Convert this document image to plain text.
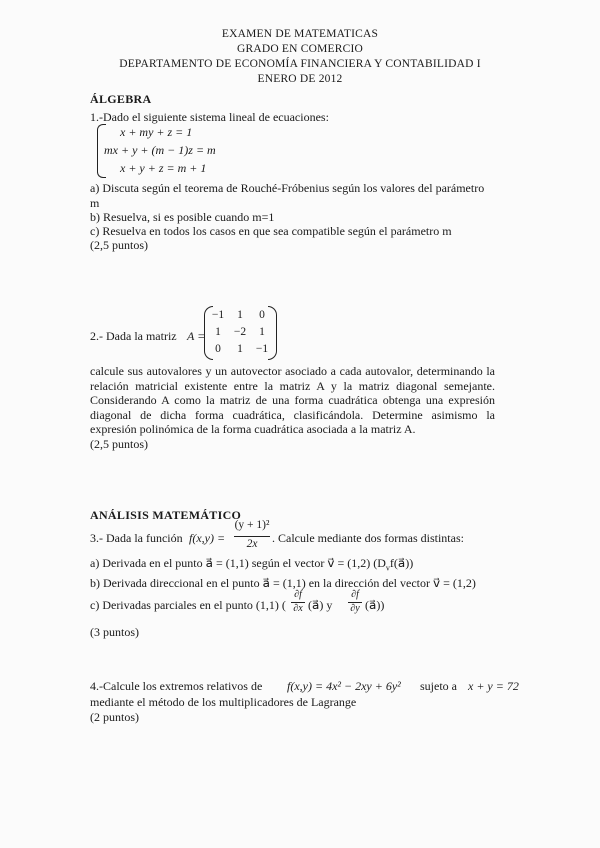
EXAMEN DE MATEMATICAS
GRADO EN COMERCIO
DEPARTAMENTO DE ECONOMÍA FINANCIERA Y CONTABILIDAD I
ENERO DE 2012
ÁLGEBRA
1.-Dado el siguiente sistema lineal de ecuaciones:
x + my + z = 1
mx + y + (m − 1)z = m
x + y + z = m + 1
a) Discuta según el teorema de Rouché-Fróbenius según los valores del parámetro
m
b) Resuelva, si es posible cuando m=1
c) Resuelva en todos los casos en que sea compatible según el parámetro m
(2,5 puntos)
2.- Dada la matriz A =
−1	1	0
1	−2	1
0	1	−1
calcule sus autovalores y un autovector asociado a cada autovalor, determinando la relación matricial existente entre la matriz A y la matriz diagonal semejante. Considerando A como la matriz de una forma cuadrática obtenga una expresión diagonal de dicha forma cuadrática, clasificándola. Determine asimismo la expresión polinómica de la forma cuadrática asociada a la matriz A.
(2,5 puntos)
ANÁLISIS MATEMÁTICO
3.- Dada la función f(x,y) =
(y + 1)²
2x	. Calcule mediante dos formas distintas:
a) Derivada en el punto a⃗ = (1,1) según el vector v⃗ = (1,2) $(D_vf(a⃗))$
b) Derivada direccional en el punto a⃗ = (1,1) en la dirección del vector v⃗ = (1,2)
c) Derivadas parciales en el punto (1,1) (
∂f
∂x (a⃗) y
∂f
∂y (a⃗))
(3 puntos)
4.-Calcule los extremos relativos de f(x,y) = 4x² − 2xy + 6y² sujeto a x + y = 72
mediante el método de los multiplicadores de Lagrange
(2 puntos)
